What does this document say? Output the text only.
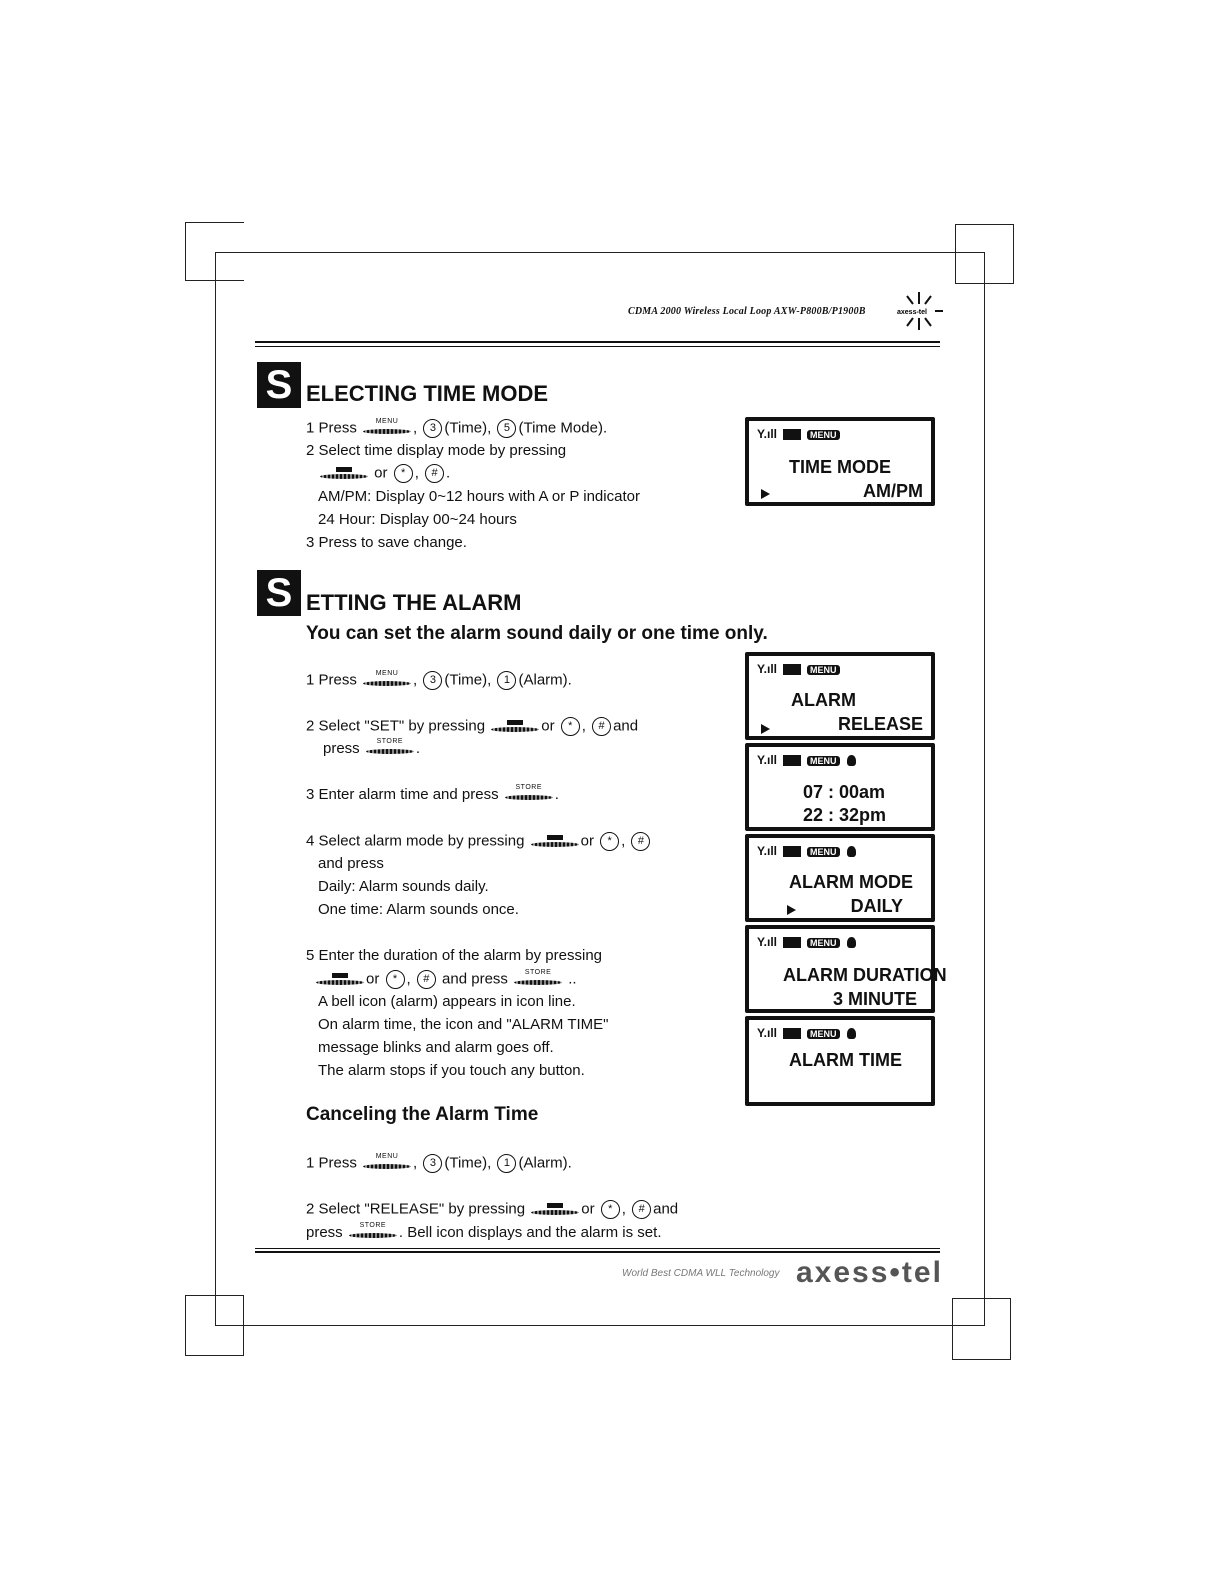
CDMA 2000 Wireless Local Loop AXW-P800B/P1900B	axess-tel
S ELECTING TIME MODE
1 Press	MENU , 3 (Time), 5 (Time Mode).
2 Select time display mode by pressing
or * , # .
AM/PM: Display 0~12 hours with A or P indicator
24 Hour: Display 00~24 hours
3 Press to save change.
Y.ıll	MENU
TIME MODE
AM/PM
S ETTING THE ALARM
You can set the alarm sound daily or one time only.
1 Press	MENU , 3 (Time), 1 (Alarm).
2 Select "SET" by pressing	or * , # and
press	STORE .
3 Enter alarm time and press	STORE .
4 Select alarm mode by pressing	or * , #
and press
Daily: Alarm sounds daily.
One time: Alarm sounds once.
5 Enter the duration of the alarm by pressing
or * , # and press	STORE	..
A bell icon (alarm) appears in icon line.
On alarm time, the icon and "ALARM TIME"
message blinks and alarm goes off.
The alarm stops if you touch any button.
Canceling the Alarm Time
1 Press	MENU , 3 (Time), 1 (Alarm).
2 Select "RELEASE" by pressing	or * , # and
press	STORE . Bell icon displays and the alarm is set.
Y.ıll	MENU
ALARM
RELEASE
Y.ıll	MENU
07 : 00am
22 : 32pm
Y.ıll	MENU
ALARM MODE
DAILY
Y.ıll	MENU
ALARM DURATION
3 MINUTE
Y.ıll	MENU
ALARM TIME
World Best CDMA WLL Technology axess•tel
